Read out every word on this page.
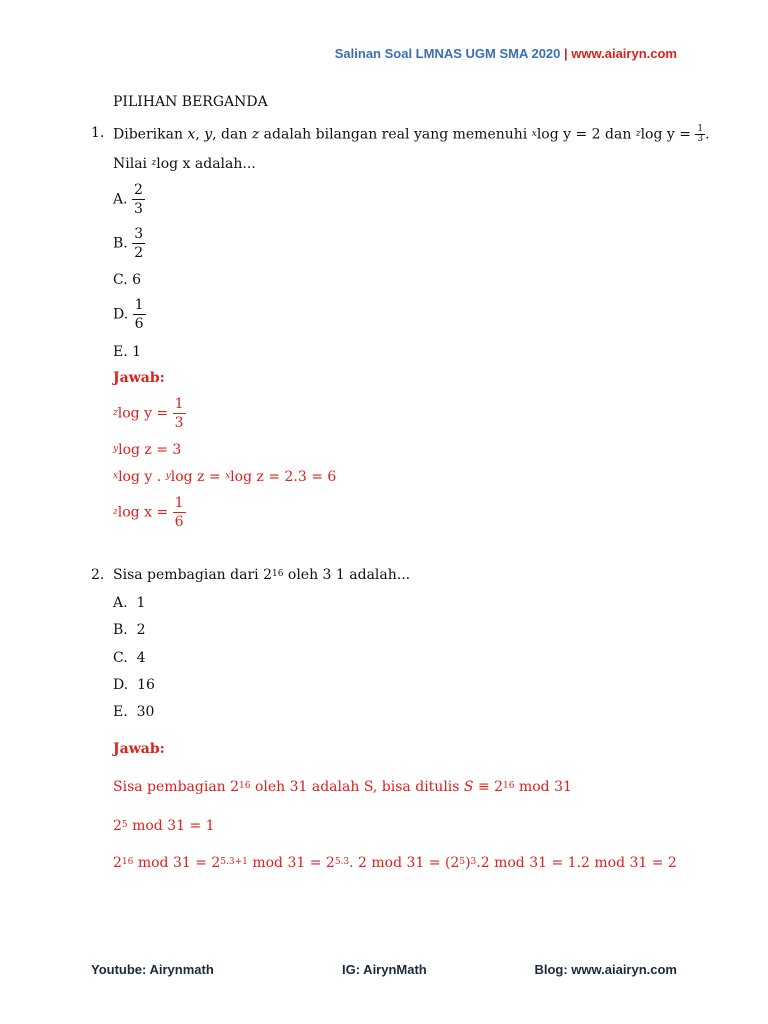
Salinan Soal LMNAS UGM SMA 2020 | www.aiairyn.com
PILIHAN BERGANDA
1. Diberikan x, y, dan z adalah bilangan real yang memenuhi $^x$log y = 2 dan $^z$log $y = \frac{1}{3}$ .
Nilai $^z$log x adalah...
A. $\frac{2}{3}$
B. $\frac{3}{2}$
C. 6
D. $\frac{1}{6}$
E. 1
Jawab:
$^z$log $y = \frac{1}{3}$
$^y$log z = 3
$^x$log y . $^y$log z = $^x$log z = 2.3 = 6
$^z$log $x = \frac{1}{6}$
2. Sisa pembagian dari $2^{16}$ oleh 3 1 adalah...
A. 1
B. 2
C. 4
D. 16
E. 30
Jawab:
Sisa pembagian $2^{16}$ oleh 31 adalah S, bisa ditulis $S \equiv 2^{16}$ mod 31
$2^5$ mod 31 = 1
$2^{16}$ mod $31 = 2^{5.3+1}$ mod $31 = 2^{5.3}$. 2 mod $31 = (2^5)^3.2$ mod 31 = 1.2 mod 31 = 2
Youtube: Airynmath	IG: AirynMath	Blog: www.aiairyn.com
